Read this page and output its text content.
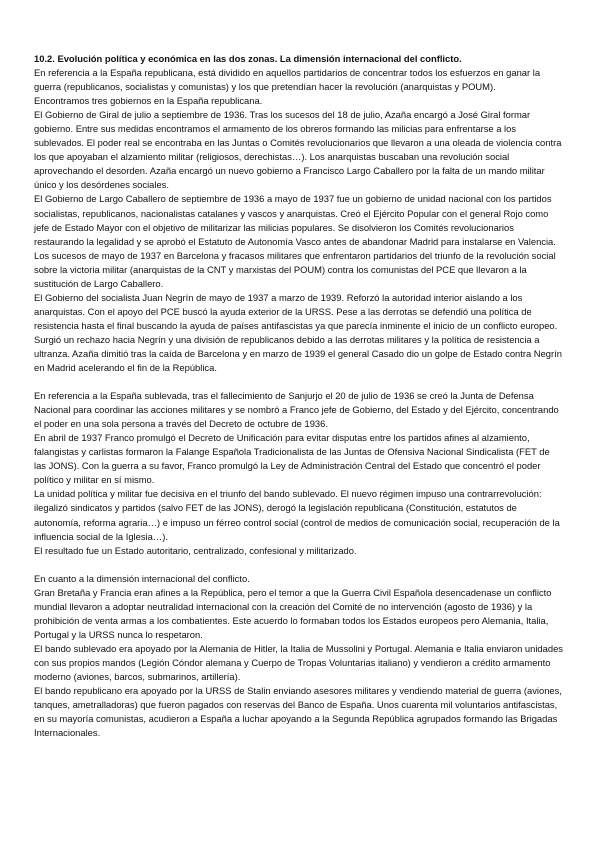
10.2. Evolución política y económica en las dos zonas. La dimensión internacional del conflicto.

En referencia a la España republicana, está dividido en aquellos partidarios de concentrar todos los esfuerzos en ganar la guerra (republicanos, socialistas y comunistas) y los que pretendían hacer la revolución (anarquistas y POUM).

Encontramos tres gobiernos en la España republicana.

El Gobierno de Giral de julio a septiembre de 1936. Tras los sucesos del 18 de julio, Azaña encargó a José Giral formar gobierno. Entre sus medidas encontramos el armamento de los obreros formando las milicias para enfrentarse a los sublevados. El poder real se encontraba en las Juntas o Comités revolucionarios que llevaron a una oleada de violencia contra los que apoyaban el alzamiento militar (religiosos, derechistas…). Los anarquistas buscaban una revolución social aprovechando el desorden. Azaña encargó un nuevo gobierno a Francisco Largo Caballero por la falta de un mando militar único y los desórdenes sociales.

El Gobierno de Largo Caballero de septiembre de 1936 a mayo de 1937 fue un gobierno de unidad nacional con los partidos socialistas, republicanos, nacionalistas catalanes y vascos y anarquistas. Creó el Ejército Popular con el general Rojo como jefe de Estado Mayor con el objetivo de militarizar las milicias populares. Se disolvieron los Comités revolucionarios restaurando la legalidad y se aprobó el Estatuto de Autonomía Vasco antes de abandonar Madrid para instalarse en Valencia. Los sucesos de mayo de 1937 en Barcelona y fracasos militares que enfrentaron partidarios del triunfo de la revolución social sobre la victoria militar (anarquistas de la CNT y marxistas del POUM) contra los comunistas del PCE que llevaron a la sustitución de Largo Caballero.

El Gobierno del socialista Juan Negrín de mayo de 1937 a marzo de 1939. Reforzó la autoridad interior aislando a los anarquistas. Con el apoyo del PCE buscó la ayuda exterior de la URSS. Pese a las derrotas se defendió una política de resistencia hasta el final buscando la ayuda de países antifascistas ya que parecía inminente el inicio de un conflicto europeo. Surgió un rechazo hacia Negrín y una división de republicanos debido a las derrotas militares y la política de resistencia a ultranza. Azaña dimitió tras la caída de Barcelona y en marzo de 1939 el general Casado dio un golpe de Estado contra Negrín en Madrid acelerando el fin de la República.

En referencia a la España sublevada, tras el fallecimiento de Sanjurjo el 20 de julio de 1936 se creó la Junta de Defensa Nacional para coordinar las acciones militares y se nombró a Franco jefe de Gobierno, del Estado y del Ejército, concentrando el poder en una sola persona a través del Decreto de octubre de 1936.

En abril de 1937 Franco promulgó el Decreto de Unificación para evitar disputas entre los partidos afines al alzamiento, falangistas y carlistas formaron la Falange Española Tradicionalista de las Juntas de Ofensiva Nacional Sindicalista (FET de las JONS). Con la guerra a su favor, Franco promulgó la Ley de Administración Central del Estado que concentró el poder político y militar en sí mismo.

La unidad política y militar fue decisiva en el triunfo del bando sublevado. El nuevo régimen impuso una contrarrevolución: ilegalizó sindicatos y partidos (salvo FET de las JONS), derogó la legislación republicana (Constitución, estatutos de autonomía, reforma agraria…) e impuso un férreo control social (control de medios de comunicación social, recuperación de la influencia social de la Iglesia…).

El resultado fue un Estado autoritario, centralizado, confesional y militarizado.

En cuanto a la dimensión internacional del conflicto.

Gran Bretaña y Francia eran afines a la República, pero el temor a que la Guerra Civil Española desencadenase un conflicto mundial llevaron a adoptar neutralidad internacional con la creación del Comité de no intervención (agosto de 1936) y la prohibición de venta armas a los combatientes. Este acuerdo lo formaban todos los Estados europeos pero Alemania, Italia, Portugal y la URSS nunca lo respetaron.

El bando sublevado era apoyado por la Alemania de Hitler, la Italia de Mussolini y Portugal. Alemania e Italia enviaron unidades con sus propios mandos (Legión Cóndor alemana y Cuerpo de Tropas Voluntarias italiano) y vendieron a crédito armamento moderno (aviones, barcos, submarinos, artillería).

El bando republicano era apoyado por la URSS de Stalin enviando asesores militares y vendiendo material de guerra (aviones, tanques, ametralladoras) que fueron pagados con reservas del Banco de España. Unos cuarenta mil voluntarios antifascistas, en su mayoría comunistas, acudieron a España a luchar apoyando a la Segunda República agrupados formando las Brigadas Internacionales.
